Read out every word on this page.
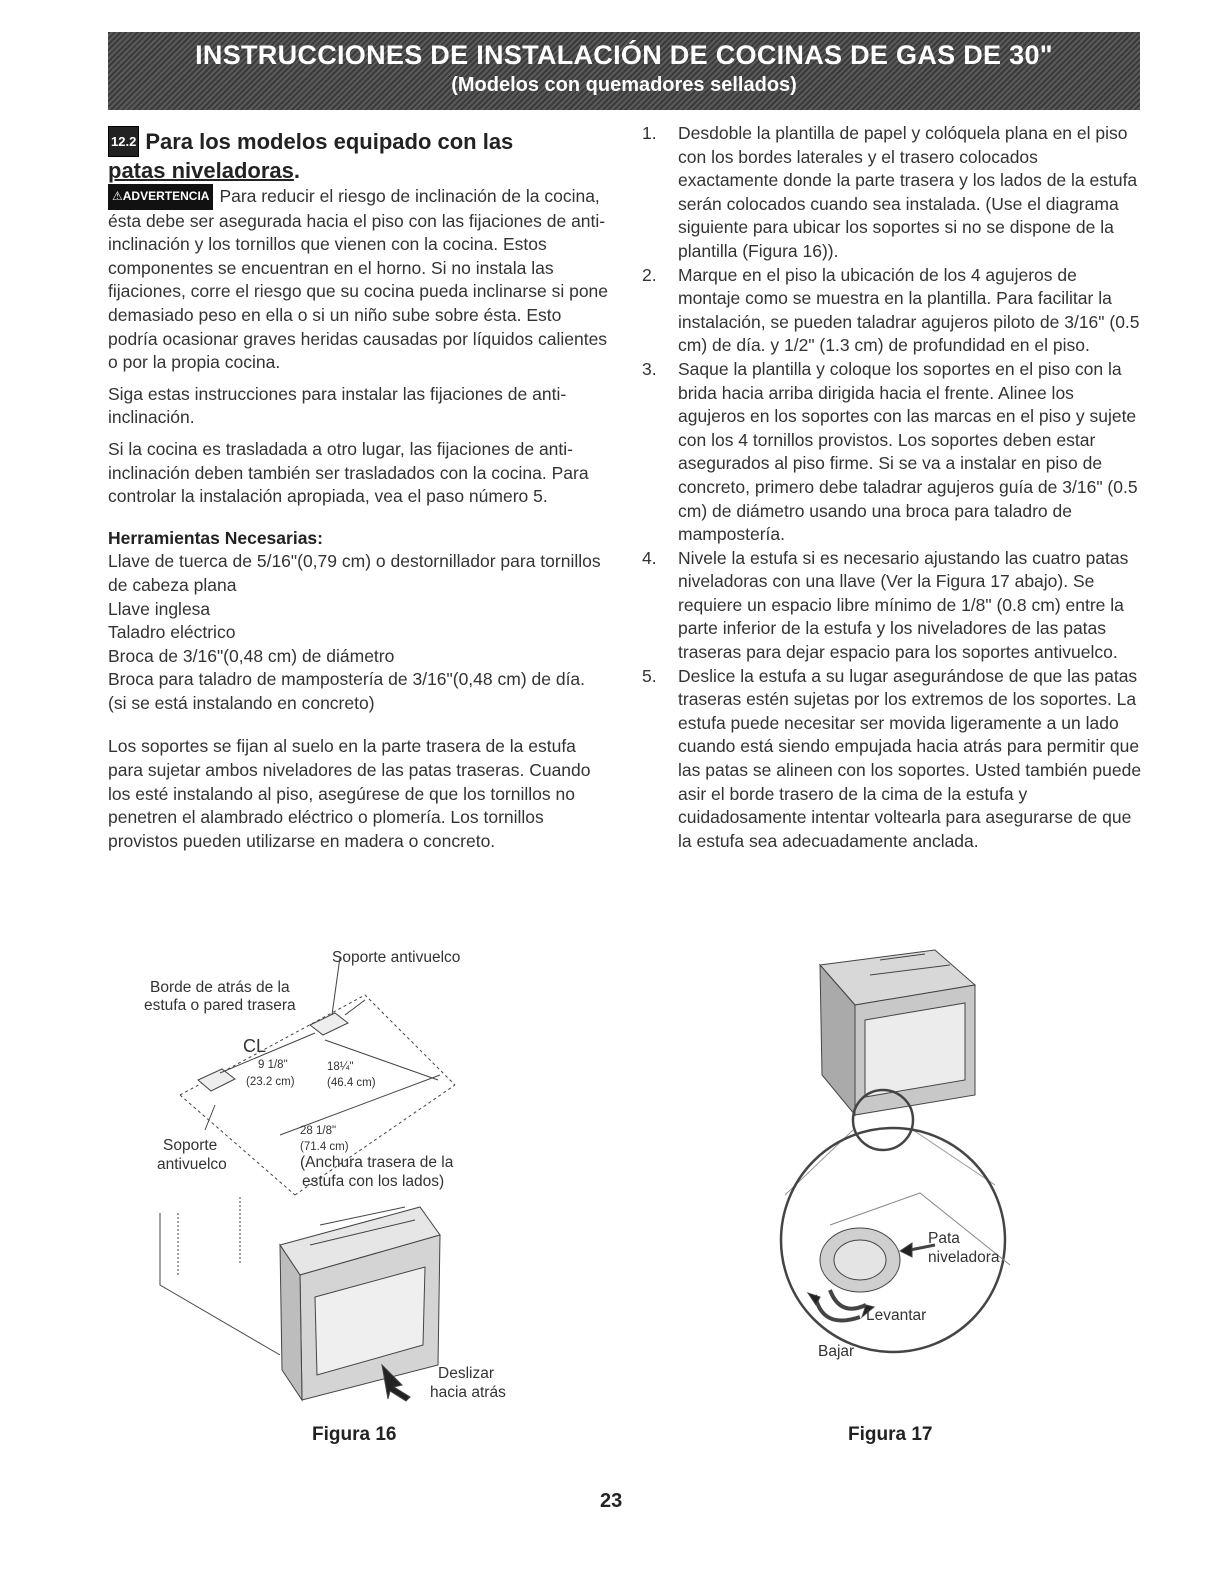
INSTRUCCIONES DE INSTALACIÓN DE COCINAS DE GAS DE 30"
(Modelos con quemadores sellados)
12.2 Para los modelos equipado con las
patas niveladoras.

⚠ADVERTENCIA Para reducir el riesgo de inclinación de la cocina, ésta debe ser asegurada hacia el piso con las fijaciones de anti-inclinación y los tornillos que vienen con la cocina. Estos componentes se encuentran en el horno. Si no instala las fijaciones, corre el riesgo que su cocina pueda inclinarse si pone demasiado peso en ella o si un niño sube sobre ésta. Esto podría ocasionar graves heridas causadas por líquidos calientes o por la propia cocina.

Siga estas instrucciones para instalar las fijaciones de anti-inclinación.

Si la cocina es trasladada a otro lugar, las fijaciones de anti-inclinación deben también ser trasladados con la cocina. Para controlar la instalación apropiada, vea el paso número 5.

Herramientas Necesarias:

Llave de tuerca de 5/16"(0,79 cm) o destornillador para tornillos de cabeza plana
Llave inglesa
Taladro eléctrico
Broca de 3/16"(0,48 cm) de diámetro
Broca para taladro de mampostería de 3/16"(0,48 cm) de día.      (si se está instalando en concreto)

Los soportes se fijan al suelo en la parte trasera de la estufa para sujetar ambos niveladores de las patas traseras. Cuando los esté instalando al piso, asegúrese de que los tornillos no penetren el alambrado eléctrico o plomería. Los tornillos provistos pueden utilizarse en madera o concreto.

1. Desdoble la plantilla de papel y colóquela plana en el piso con los bordes laterales y el trasero colocados exactamente donde la parte trasera y los lados de la estufa serán colocados cuando sea instalada. (Use el diagrama siguiente para ubicar los soportes si no se dispone de la plantilla (Figura 16)).
2. Marque en el piso la ubicación de los 4 agujeros de montaje como se muestra en la plantilla. Para facilitar la instalación, se pueden taladrar agujeros piloto de 3/16" (0.5 cm) de día. y 1/2" (1.3 cm) de profundidad en el piso.
3. Saque la plantilla y coloque los soportes en el piso con la brida hacia arriba dirigida hacia el frente. Alinee los agujeros en los soportes con las marcas en el piso y sujete con los 4 tornillos provistos. Los soportes deben estar asegurados al piso firme. Si se va a instalar en piso de concreto, primero debe taladrar agujeros guía de 3/16" (0.5 cm) de diámetro usando una broca para taladro de mampostería.
4. Nivele la estufa si es necesario ajustando las cuatro patas niveladoras con una llave (Ver la Figura 17 abajo). Se requiere un espacio libre mínimo de 1/8" (0.8 cm) entre la parte inferior de la estufa y los niveladores de las patas traseras para dejar espacio para los soportes antivuelco.
5. Deslice la estufa a su lugar asegurándose de que las patas traseras estén sujetas por los extremos de los soportes. La estufa puede necesitar ser movida ligeramente a un lado cuando está siendo empujada hacia atrás para permitir que las patas se alineen con los soportes. Usted también puede asir el borde trasero de la cima de la estufa y cuidadosamente intentar voltearla para asegurarse de que la estufa sea adecuadamente anclada.
Soporte antivuelco
Borde de atrás de la
estufa o pared trasera
CL
9 1/8"
(23.2 cm)
18¼"
(46.4 cm)
28 1/8"
(71.4 cm)
Soporte
antivuelco	(Anchura trasera de la
estufa con los lados)
Deslizar
hacia atrás
Figura 16
Pata
niveladora
Levantar
Bajar
Figura 17
23
